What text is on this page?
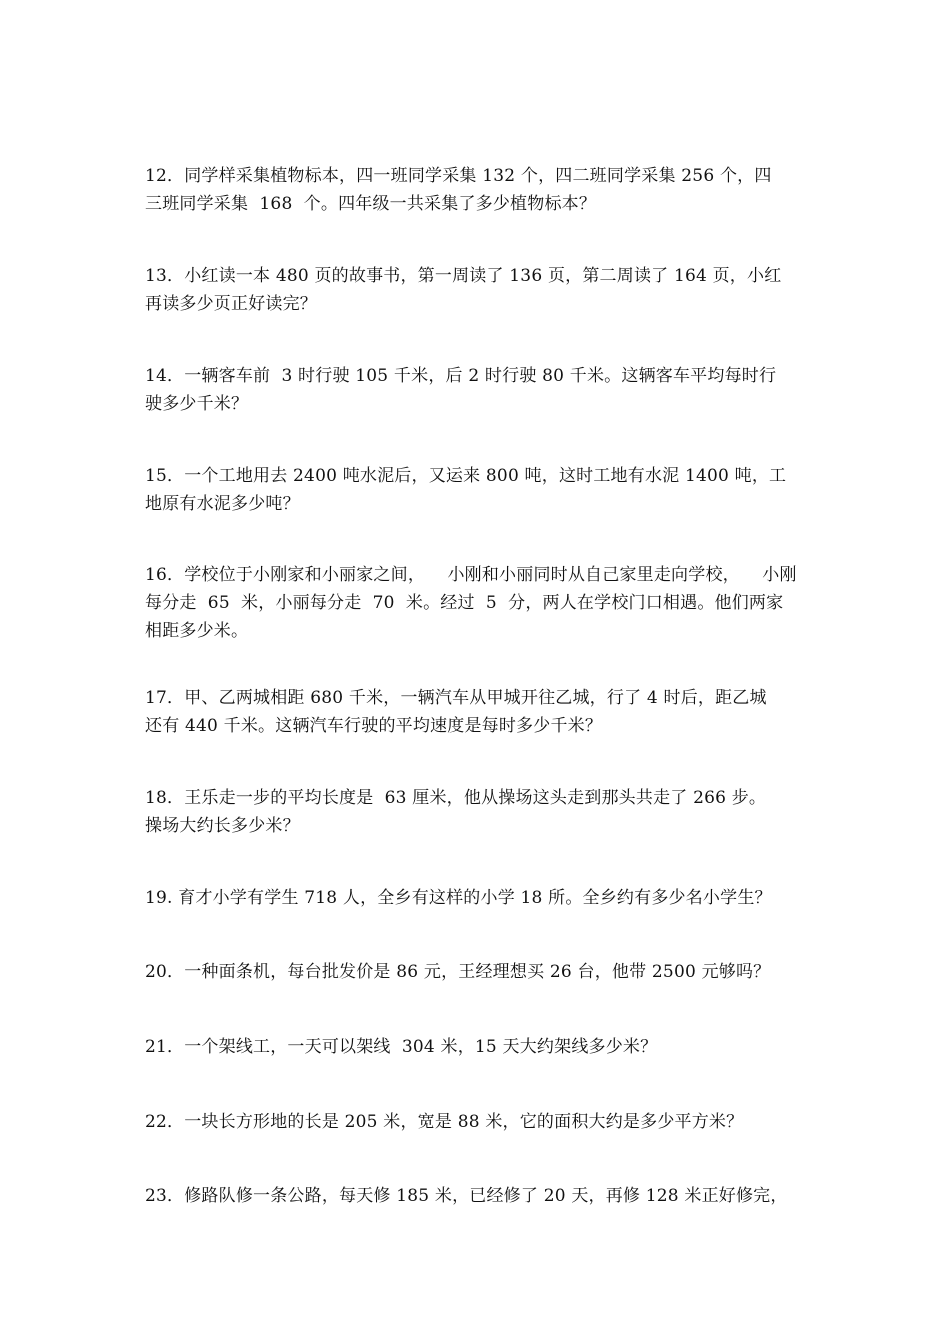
12．同学样采集植物标本，四一班同学采集 132 个，四二班同学采集 256 个，四

三班同学采集  168  个。四年级一共采集了多少植物标本？

13．小红读一本 480 页的故事书，第一周读了 136 页，第二周读了 164 页，小红

再读多少页正好读完？

14．一辆客车前  3 时行驶 105 千米，后 2 时行驶 80 千米。这辆客车平均每时行

驶多少千米？

15．一个工地用去 2400 吨水泥后，又运来 800 吨，这时工地有水泥 1400 吨，工

地原有水泥多少吨？

16．学校位于小刚家和小丽家之间，    小刚和小丽同时从自己家里走向学校，    小刚

每分走  65  米，小丽每分走  70  米。经过  5  分，两人在学校门口相遇。他们两家

相距多少米。

17．甲、乙两城相距 680 千米，一辆汽车从甲城开往乙城，行了 4 时后，距乙城

还有 440 千米。这辆汽车行驶的平均速度是每时多少千米？

18．王乐走一步的平均长度是  63 厘米，他从操场这头走到那头共走了 266 步。

操场大约长多少米？

19. 育才小学有学生 718 人，全乡有这样的小学 18 所。全乡约有多少名小学生？

20．一种面条机，每台批发价是 86 元，王经理想买 26 台，他带 2500 元够吗？

21．一个架线工，一天可以架线  304 米，15 天大约架线多少米？

22．一块长方形地的长是 205 米，宽是 88 米，它的面积大约是多少平方米？

23．修路队修一条公路，每天修 185 米，已经修了 20 天，再修 128 米正好修完，
